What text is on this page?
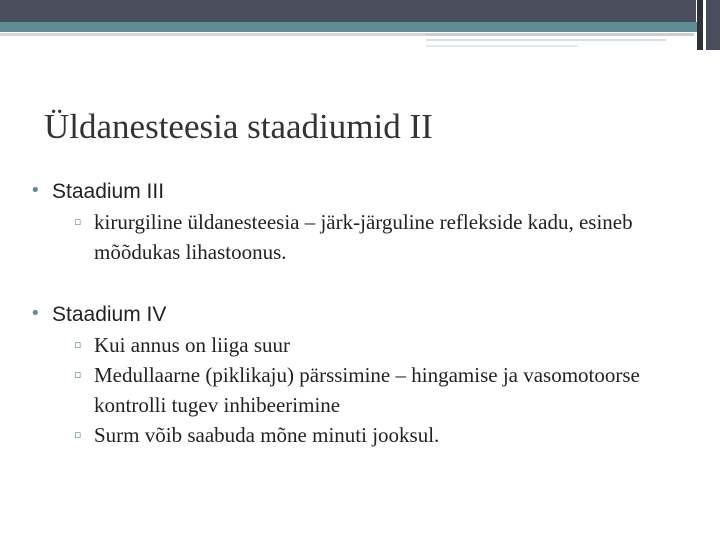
Üldanesteesia staadiumid II
• Staadium III
▫ kirurgiline üldanesteesia – järk-järguline reflekside kadu, esineb mõõdukas lihastoonus.
• Staadium IV
▫ Kui annus on liiga suur
▫ Medullaarne (piklikaju) pärssimine – hingamise ja vasomotoorse kontrolli tugev inhibeerimine
▫ Surm võib saabuda mõne minuti jooksul.
